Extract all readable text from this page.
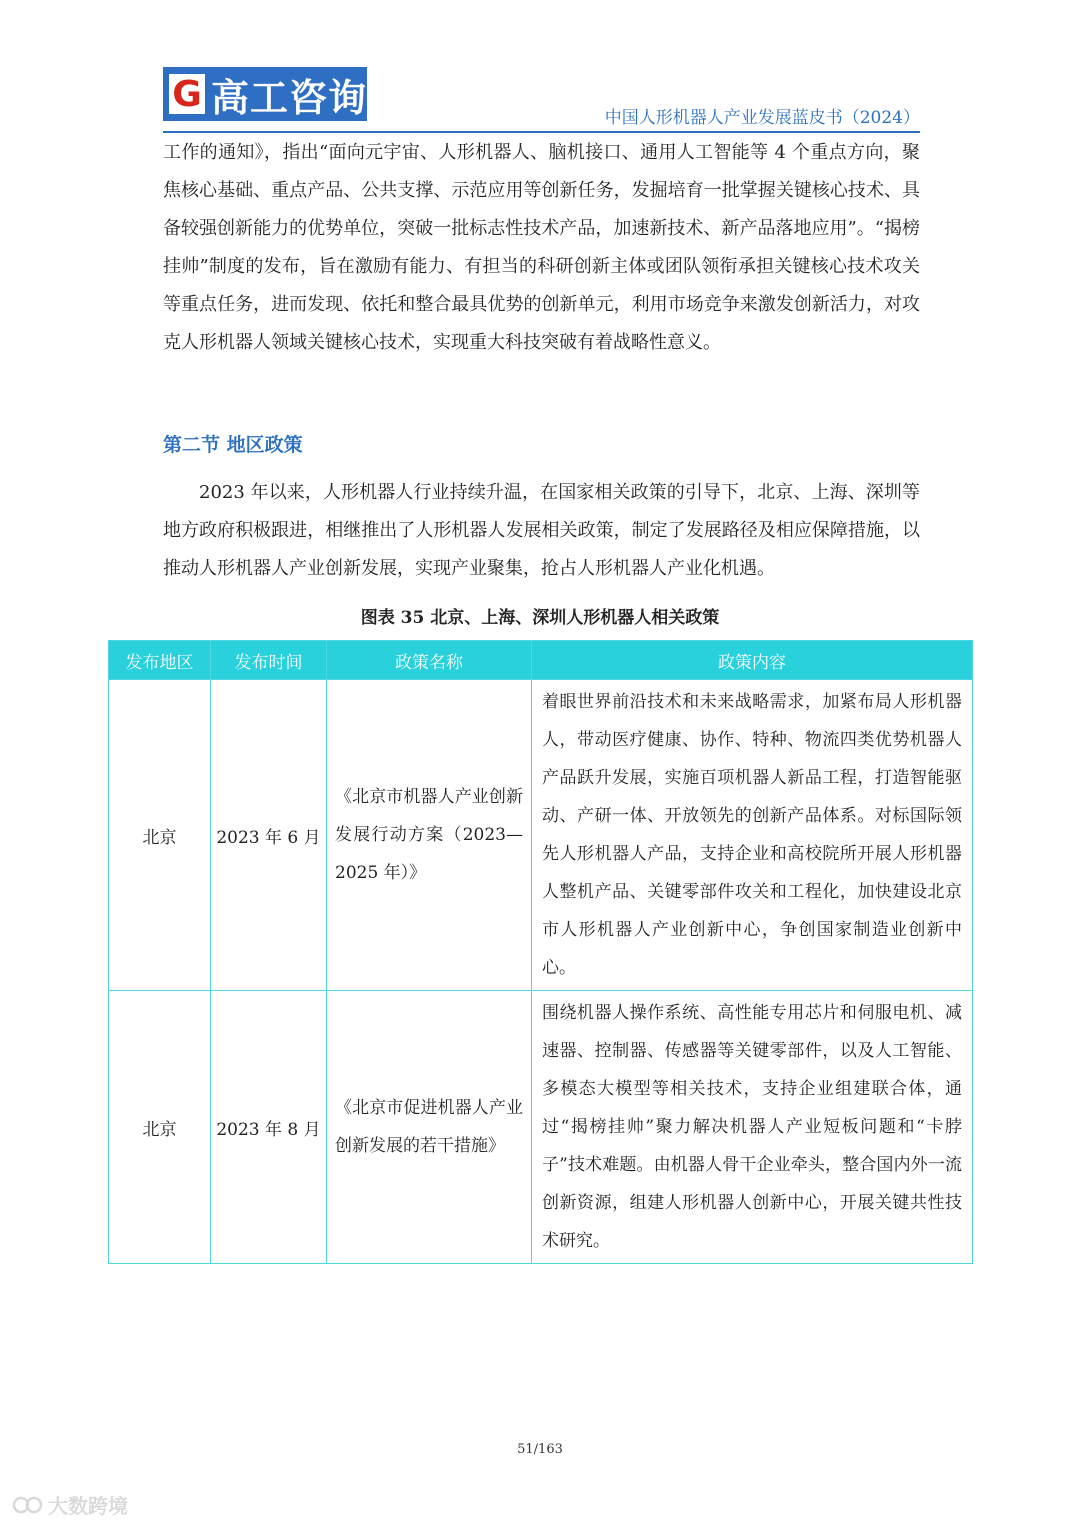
G 高工咨询	中国人形机器人产业发展蓝皮书（2024）

工作的通知》，指出“面向元宇宙、人形机器人、脑机接口、通用人工智能等 4 个重点方向，聚焦核心基础、重点产品、公共支撑、示范应用等创新任务，发掘培育一批掌握关键核心技术、具备较强创新能力的优势单位，突破一批标志性技术产品，加速新技术、新产品落地应用”。“揭榜挂帅”制度的发布，旨在激励有能力、有担当的科研创新主体或团队领衔承担关键核心技术攻关等重点任务，进而发现、依托和整合最具优势的创新单元，利用市场竞争来激发创新活力，对攻克人形机器人领域关键核心技术，实现重大科技突破有着战略性意义。

第二节 地区政策

2023 年以来，人形机器人行业持续升温，在国家相关政策的引导下，北京、上海、深圳等地方政府积极跟进，相继推出了人形机器人发展相关政策，制定了发展路径及相应保障措施，以推动人形机器人产业创新发展，实现产业聚集，抢占人形机器人产业化机遇。

图表 35 北京、上海、深圳人形机器人相关政策
发布地区	发布时间	政策名称	政策内容
北京	2023 年 6 月	《北京市机器人产业创新发展行动方案（2023—2025 年）》	着眼世界前沿技术和未来战略需求，加紧布局人形机器人，带动医疗健康、协作、特种、物流四类优势机器人产品跃升发展，实施百项机器人新品工程，打造智能驱动、产研一体、开放领先的创新产品体系。对标国际领先人形机器人产品，支持企业和高校院所开展人形机器人整机产品、关键零部件攻关和工程化，加快建设北京市人形机器人产业创新中心，争创国家制造业创新中心。
北京	2023 年 8 月	《北京市促进机器人产业创新发展的若干措施》	围绕机器人操作系统、高性能专用芯片和伺服电机、减速器、控制器、传感器等关键零部件，以及人工智能、多模态大模型等相关技术，支持企业组建联合体，通过“揭榜挂帅”聚力解决机器人产业短板问题和“卡脖子”技术难题。由机器人骨干企业牵头，整合国内外一流创新资源，组建人形机器人创新中心，开展关键共性技术研究。
51/163
大数跨境
